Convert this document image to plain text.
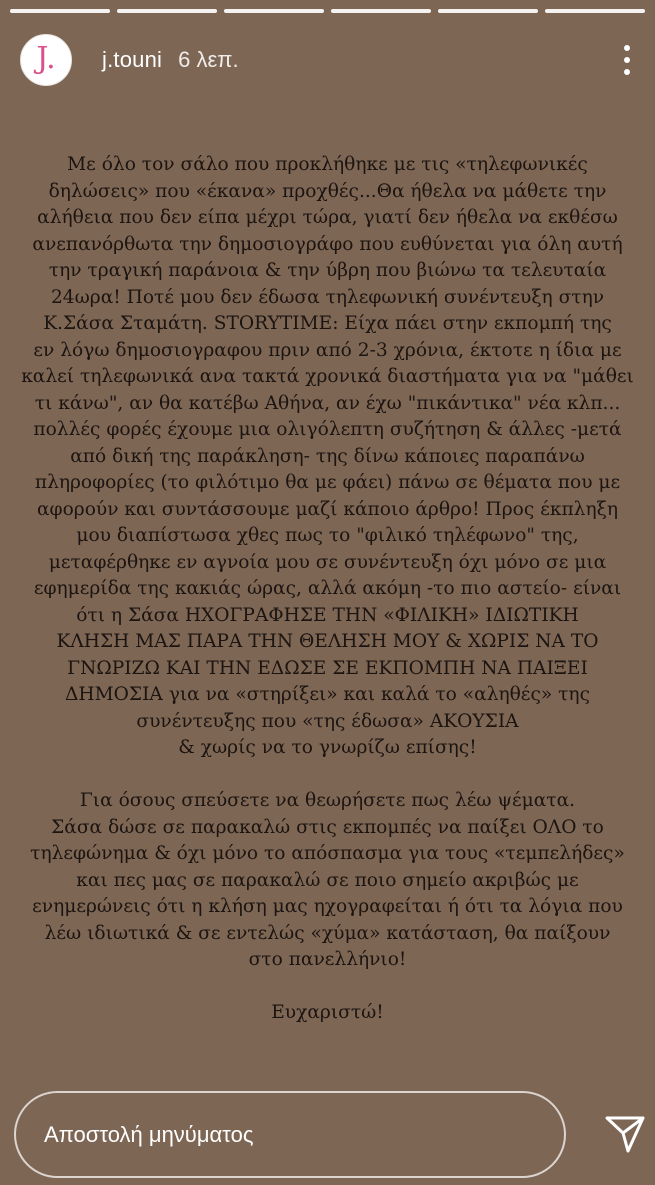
J. j.touni 6 λεπ.

Με όλο τον σάλο που προκλήθηκε με τις «τηλεφωνικές

δηλώσεις» που «έκανα» προχθές...Θα ήθελα να μάθετε την

αλήθεια που δεν είπα μέχρι τώρα, γιατί δεν ήθελα να εκθέσω

ανεπανόρθωτα την δημοσιογράφο που ευθύνεται για όλη αυτή

την τραγική παράνοια & την ύβρη που βιώνω τα τελευταία

24ωρα! Ποτέ μου δεν έδωσα τηλεφωνική συνέντευξη στην

Κ.Σάσα Σταμάτη. STORYTIME: Είχα πάει στην εκπομπή της

εν λόγω δημοσιογραφου πριν από 2-3 χρόνια, έκτοτε η ίδια με

καλεί τηλεφωνικά ανα τακτά χρονικά διαστήματα για να "μάθει

τι κάνω", αν θα κατέβω Αθήνα, αν έχω "πικάντικα" νέα κλπ...

πολλές φορές έχουμε μια ολιγόλεπτη συζήτηση & άλλες -μετά

από δική της παράκληση- της δίνω κάποιες παραπάνω

πληροφορίες (το φιλότιμο θα με φάει) πάνω σε θέματα που με

αφορούν και συντάσσουμε μαζί κάποιο άρθρο! Προς έκπληξη

μου διαπίστωσα χθες πως το "φιλικό τηλέφωνο" της,

μεταφέρθηκε εν αγνοία μου σε συνέντευξη όχι μόνο σε μια

εφημερίδα της κακιάς ώρας, αλλά ακόμη -το πιο αστείο- είναι

ότι η Σάσα ΗΧΟΓΡΑΦΗΣΕ ΤΗΝ «ΦΙΛΙΚΗ» ΙΔΙΩΤΙΚΗ

ΚΛΗΣΗ ΜΑΣ ΠΑΡΑ ΤΗΝ ΘΕΛΗΣΗ ΜΟΥ & ΧΩΡΙΣ ΝΑ ΤΟ

ΓΝΩΡΙΖΩ ΚΑΙ ΤΗΝ ΕΔΩΣΕ ΣΕ ΕΚΠΟΜΠΗ ΝΑ ΠΑΙΞΕΙ

ΔΗΜΟΣΙΑ για να «στηρίξει» και καλά το «αληθές» της

συνέντευξης που «της έδωσα» ΑΚΟΥΣΙΑ

& χωρίς να το γνωρίζω επίσης!

Για όσους σπεύσετε να θεωρήσετε πως λέω ψέματα.

Σάσα δώσε σε παρακαλώ στις εκπομπές να παίξει ΟΛΟ το

τηλεφώνημα & όχι μόνο το απόσπασμα για τους «τεμπελήδες»

και πες μας σε παρακαλώ σε ποιο σημείο ακριβώς με

ενημερώνεις ότι η κλήση μας ηχογραφείται ή ότι τα λόγια που

λέω ιδιωτικά & σε εντελώς «χύμα» κατάσταση, θα παίξουν

στο πανελλήνιο!

Ευχαριστώ!

Αποστολή μηνύματος
